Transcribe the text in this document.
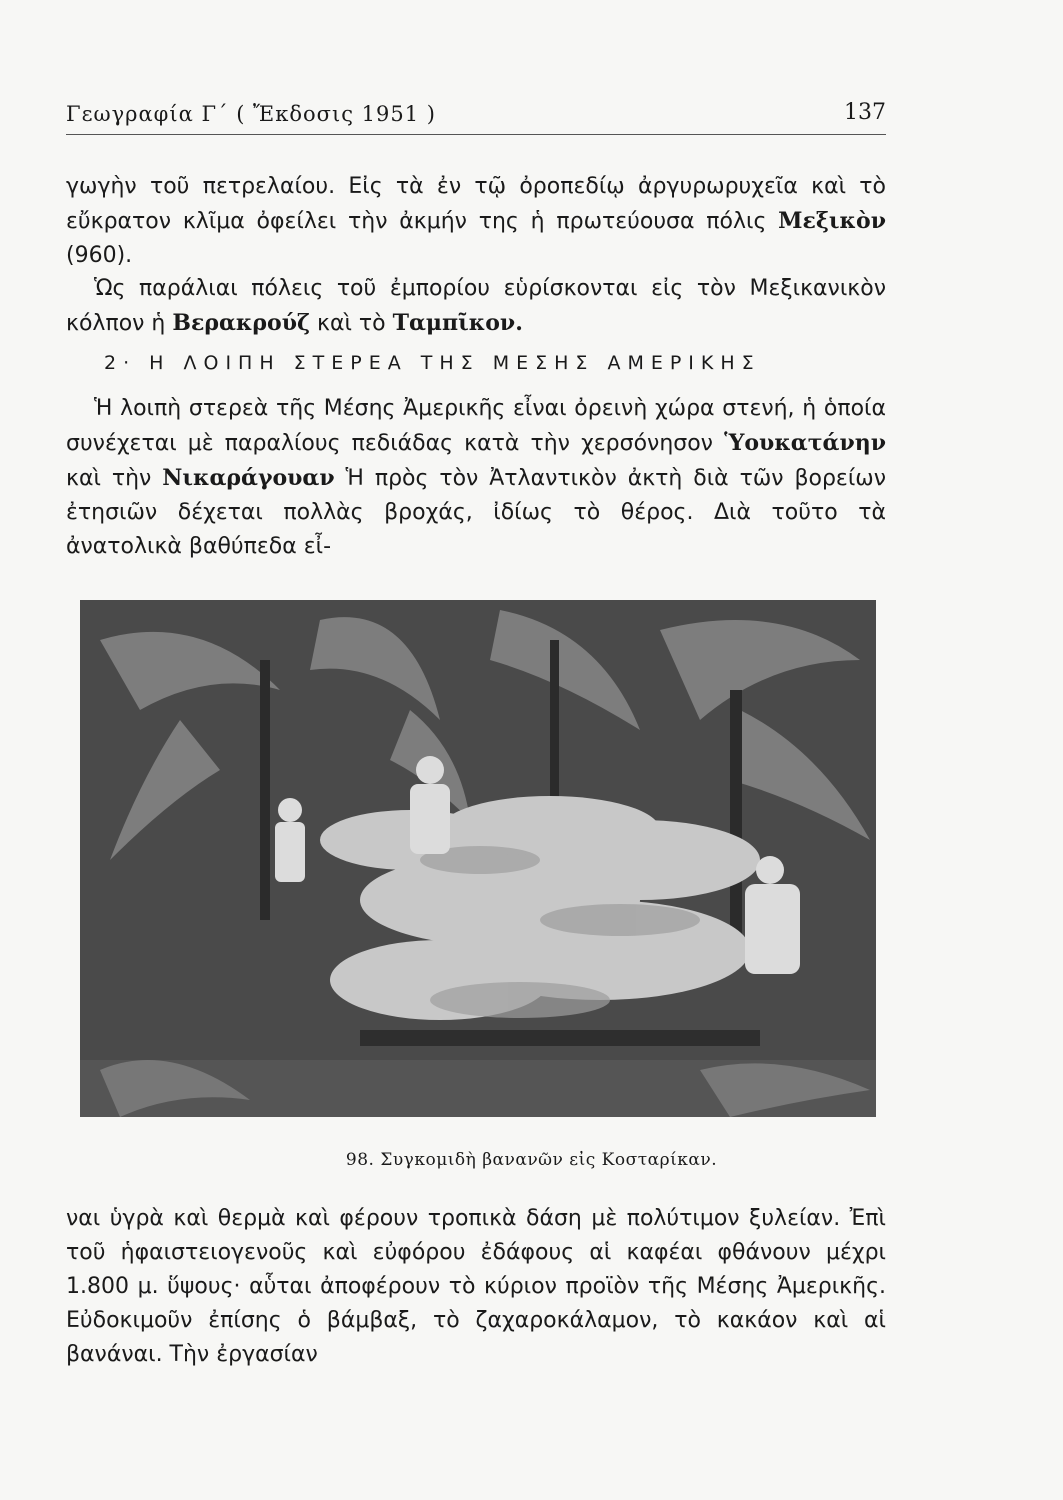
Γεωγραφία Γ΄ ( Ἔκδοσις 1951 )	137

γωγὴν τοῦ πετρελαίου. Εἰς τὰ ἐν τῷ ὀροπεδίῳ ἀργυρωρυχεῖα καὶ τὸ εὔκρατον κλῖμα ὀφείλει τὴν ἀκμήν της ἡ πρωτεύουσα πόλις Μεξικὸν (960).

Ὡς παράλιαι πόλεις τοῦ ἐμπορίου εὑρίσκονται εἰς τὸν Μεξικανικὸν κόλπον ἡ Βερακρούζ καὶ τὸ Ταμπῖκον.

2· Η ΛΟΙΠΗ ΣΤΕΡΕΑ ΤΗΣ ΜΕΣΗΣ ΑΜΕΡΙΚΗΣ

Ἡ λοιπὴ στερεὰ τῆς Μέσης Ἀμερικῆς εἶναι ὀρεινὴ χώρα στενή, ἡ ὁποία συνέχεται μὲ παραλίους πεδιάδας κατὰ τὴν χερσόνησον Ὑουκατάνην καὶ τὴν Νικαράγουαν Ἡ πρὸς τὸν Ἀτλαντικὸν ἀκτὴ διὰ τῶν βορείων ἐτησιῶν δέχεται πολλὰς βροχάς, ἰδίως τὸ θέρος. Διὰ τοῦτο τὰ ἀνατολικὰ βαθύπεδα εἶ-

98. Συγκομιδὴ βανανῶν εἰς Κοσταρίκαν.

ναι ὑγρὰ καὶ θερμὰ καὶ φέρουν τροπικὰ δάση μὲ πολύτιμον ξυλείαν. Ἐπὶ τοῦ ἡφαιστειογενοῦς καὶ εὐφόρου ἐδάφους αἱ καφέαι φθάνουν μέχρι 1.800 μ. ὕψους· αὗται ἀποφέρουν τὸ κύριον προϊὸν τῆς Μέσης Ἀμερικῆς. Εὐδοκιμοῦν ἐπίσης ὁ βάμβαξ, τὸ ζαχαροκάλαμον, τὸ κακάον καὶ αἱ βανάναι. Τὴν ἐργασίαν
